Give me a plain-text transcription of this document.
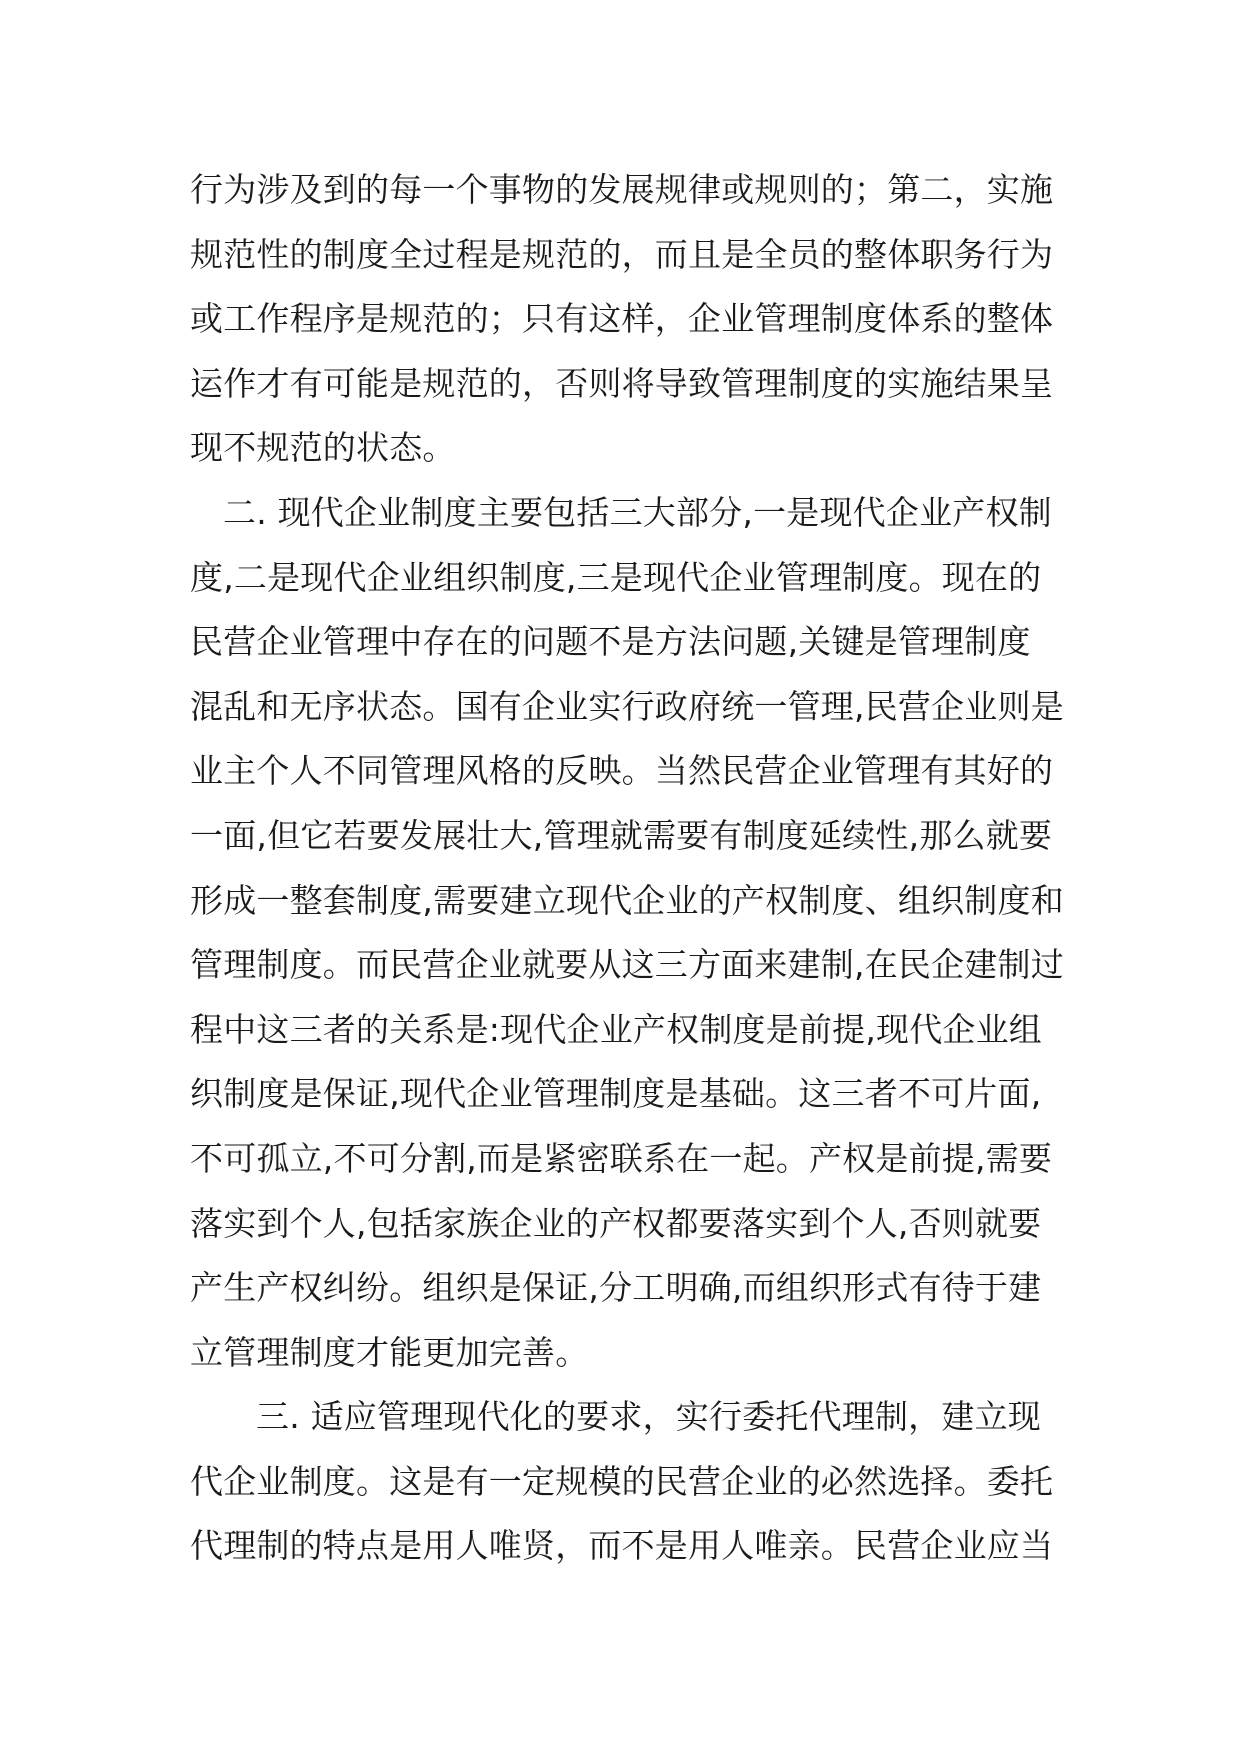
行为涉及到的每一个事物的发展规律或规则的；第二，实施
规范性的制度全过程是规范的，而且是全员的整体职务行为
或工作程序是规范的；只有这样，企业管理制度体系的整体
运作才有可能是规范的，否则将导致管理制度的实施结果呈
现不规范的状态。
二. 现代企业制度主要包括三大部分,一是现代企业产权制
度,二是现代企业组织制度,三是现代企业管理制度。现在的
民营企业管理中存在的问题不是方法问题,关键是管理制度
混乱和无序状态。国有企业实行政府统一管理,民营企业则是
业主个人不同管理风格的反映。当然民营企业管理有其好的
一面,但它若要发展壮大,管理就需要有制度延续性,那么就要
形成一整套制度,需要建立现代企业的产权制度、组织制度和
管理制度。而民营企业就要从这三方面来建制,在民企建制过
程中这三者的关系是:现代企业产权制度是前提,现代企业组
织制度是保证,现代企业管理制度是基础。这三者不可片面,
不可孤立,不可分割,而是紧密联系在一起。产权是前提,需要
落实到个人,包括家族企业的产权都要落实到个人,否则就要
产生产权纠纷。组织是保证,分工明确,而组织形式有待于建
立管理制度才能更加完善。
三. 适应管理现代化的要求，实行委托代理制，建立现
代企业制度。这是有一定规模的民营企业的必然选择。委托
代理制的特点是用人唯贤，而不是用人唯亲。民营企业应当
